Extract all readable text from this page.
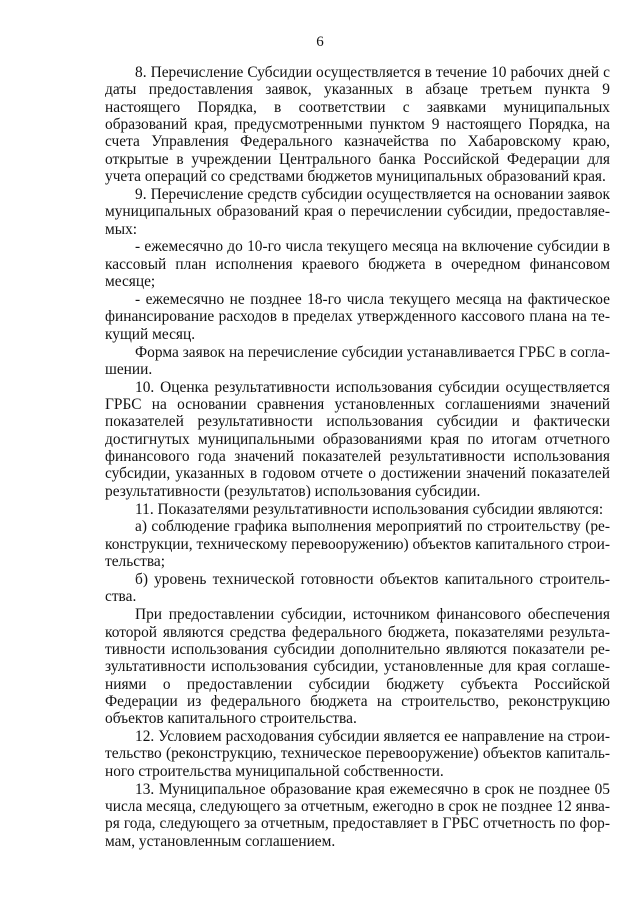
6

8. Перечисление Субсидии осуществляется в течение 10 рабочих дней с даты предоставления заявок, указанных в абзаце третьем пункта 9 настоящего Порядка, в соответствии с заявками муниципальных образований края, предусмотренными пунктом 9 настоящего Порядка, на счета Управления Федерального казначейства по Хабаровскому краю, открытые в учреждении Центрального банка Российской Федерации для учета операций со средствами бюджетов муниципальных образований края.

9. Перечисление средств субсидии осуществляется на основании заявок муниципальных образований края о перечислении субсидии, предоставляемых:

- ежемесячно до 10-го числа текущего месяца на включение субсидии в кассовый план исполнения краевого бюджета в очередном финансовом месяце;

- ежемесячно не позднее 18-го числа текущего месяца на фактическое финансирование расходов в пределах утвержденного кассового плана на текущий месяц.

Форма заявок на перечисление субсидии устанавливается ГРБС в соглашении.

10. Оценка результативности использования субсидии осуществляется ГРБС на основании сравнения установленных соглашениями значений показателей результативности использования субсидии и фактически достигнутых муниципальными образованиями края по итогам отчетного финансового года значений показателей результативности использования субсидии, указанных в годовом отчете о достижении значений показателей результативности (результатов) использования субсидии.

11. Показателями результативности использования субсидии являются:

а) соблюдение графика выполнения мероприятий по строительству (реконструкции, техническому перевооружению) объектов капитального строительства;

б) уровень технической готовности объектов капитального строительства.

При предоставлении субсидии, источником финансового обеспечения которой являются средства федерального бюджета, показателями результативности использования субсидии дополнительно являются показатели результативности использования субсидии, установленные для края соглашениями о предоставлении субсидии бюджету субъекта Российской Федерации из федерального бюджета на строительство, реконструкцию объектов капитального строительства.

12. Условием расходования субсидии является ее направление на строительство (реконструкцию, техническое перевооружение) объектов капитального строительства муниципальной собственности.

13. Муниципальное образование края ежемесячно в срок не позднее 05 числа месяца, следующего за отчетным, ежегодно в срок не позднее 12 января года, следующего за отчетным, предоставляет в ГРБС отчетность по формам, установленным соглашением.
